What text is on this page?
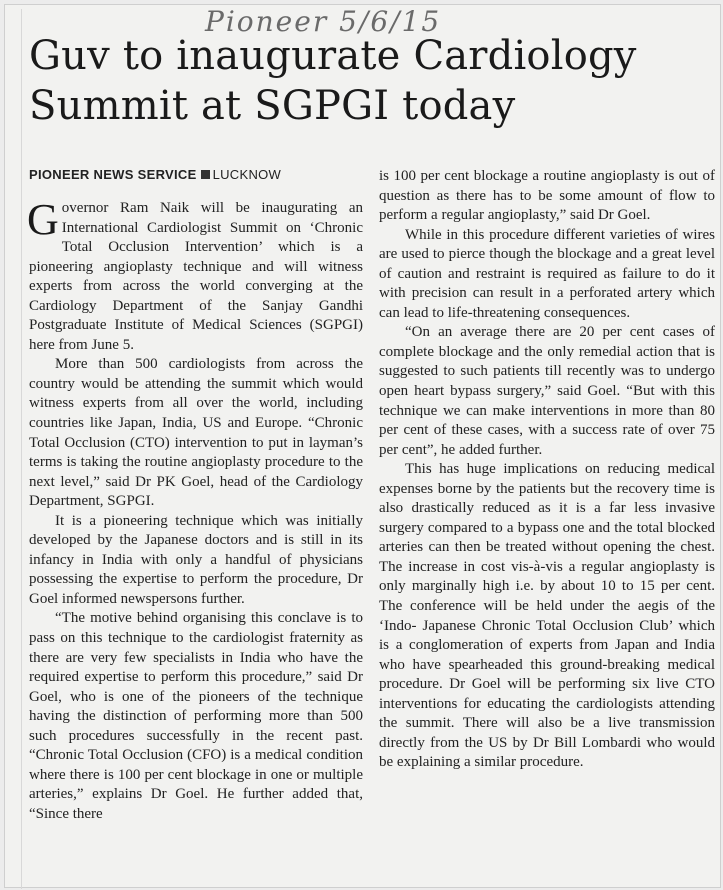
Pioneer 5/6/15
Guv to inaugurate Cardiology
Summit at SGPGI today
PIONEER NEWS SERVICE LUCKNOW

Governor Ram Naik will be inaugurating an International Cardiologist Summit on ‘Chronic Total Occlusion Intervention’ which is a pioneering angioplasty technique and will witness experts from across the world converging at the Cardiology Department of the Sanjay Gandhi Postgraduate Institute of Medical Sciences (SGPGI) here from June 5.

More than 500 cardiologists from across the country would be attending the summit which would witness experts from all over the world, including countries like Japan, India, US and Europe. “Chronic Total Occlusion (CTO) intervention to put in layman’s terms is taking the routine angioplasty procedure to the next level,” said Dr PK Goel, head of the Cardiology Department, SGPGI.

It is a pioneering technique which was initially developed by the Japanese doctors and is still in its infancy in India with only a handful of physicians possessing the expertise to perform the procedure, Dr Goel informed newspersons further.

“The motive behind organising this conclave is to pass on this technique to the cardiologist fraternity as there are very few specialists in India who have the required expertise to perform this procedure,” said Dr Goel, who is one of the pioneers of the technique having the distinction of performing more than 500 such procedures successfully in the recent past. “Chronic Total Occlusion (CFO) is a medical condition where there is 100 per cent blockage in one or multiple arteries,” explains Dr Goel. He further added that, “Since there

is 100 per cent blockage a routine angioplasty is out of question as there has to be some amount of flow to perform a regular angioplasty,” said Dr Goel.

While in this procedure different varieties of wires are used to pierce though the blockage and a great level of caution and restraint is required as failure to do it with precision can result in a perforated artery which can lead to life-threatening consequences.

“On an average there are 20 per cent cases of complete blockage and the only remedial action that is suggested to such patients till recently was to undergo open heart bypass surgery,” said Goel. “But with this technique we can make interventions in more than 80 per cent of these cases, with a success rate of over 75 per cent”, he added further.

This has huge implications on reducing medical expenses borne by the patients but the recovery time is also drastically reduced as it is a far less invasive surgery compared to a bypass one and the total blocked arteries can then be treated without opening the chest. The increase in cost vis-à-vis a regular angioplasty is only marginally high i.e. by about 10 to 15 per cent. The conference will be held under the aegis of the ‘Indo- Japanese Chronic Total Occlusion Club’ which is a conglomeration of experts from Japan and India who have spearheaded this ground-breaking medical procedure. Dr Goel will be performing six live CTO interventions for educating the cardiologists attending the summit. There will also be a live transmission directly from the US by Dr Bill Lombardi who would be explaining a similar procedure.
